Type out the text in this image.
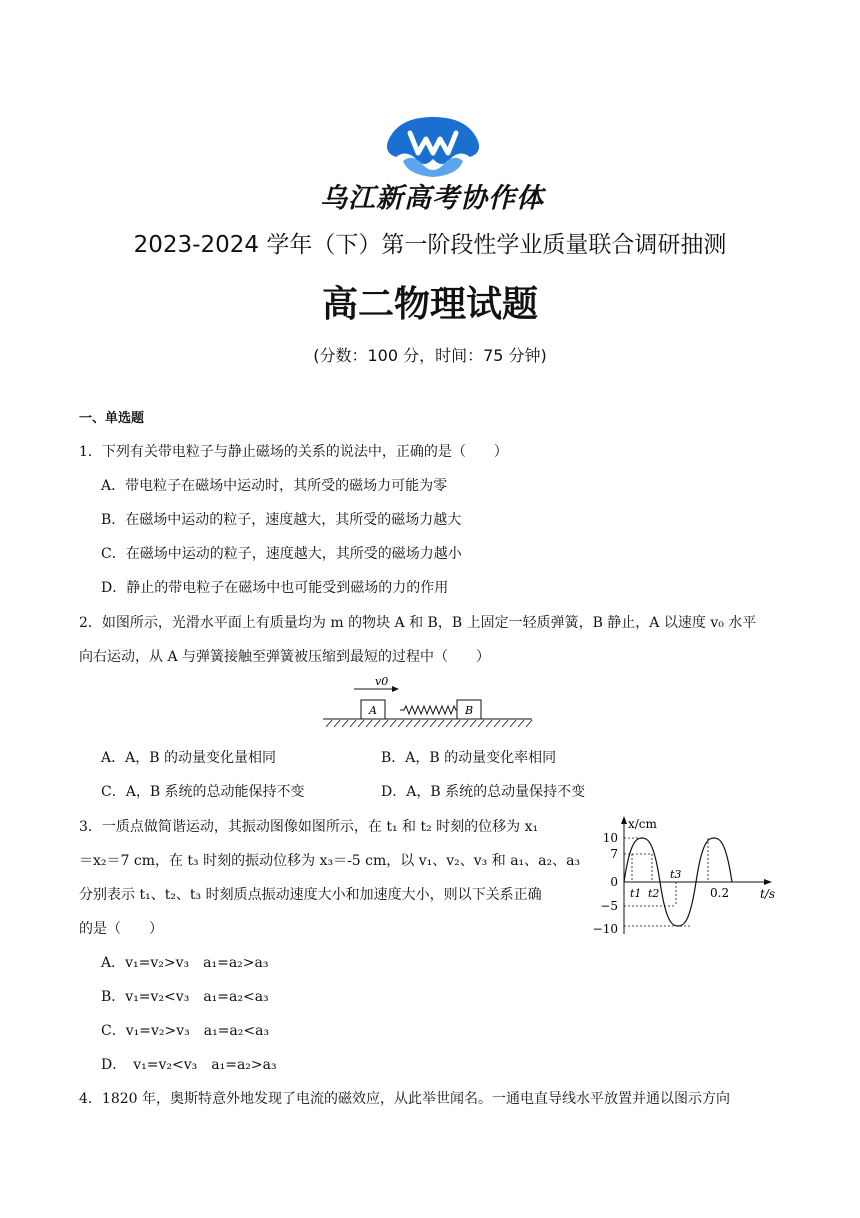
乌江新高考协作体
2023-2024 学年（下）第一阶段性学业质量联合调研抽测
高二物理试题
(分数：100 分，时间：75 分钟)
一、单选题
1．下列有关带电粒子与静止磁场的关系的说法中，正确的是（　　）
A．带电粒子在磁场中运动时，其所受的磁场力可能为零
B．在磁场中运动的粒子，速度越大，其所受的磁场力越大
C．在磁场中运动的粒子，速度越大，其所受的磁场力越小
D．静止的带电粒子在磁场中也可能受到磁场的力的作用
2．如图所示，光滑水平面上有质量均为 m 的物块 A 和 B，B 上固定一轻质弹簧，B 静止，A 以速度 v₀ 水平
向右运动，从 A 与弹簧接触至弹簧被压缩到最短的过程中（　　）
v0
A	B
A．A，B 的动量变化量相同	B．A，B 的动量变化率相同
C．A，B 系统的总动能保持不变	D．A，B 系统的总动量保持不变
3．一质点做简谐运动，其振动图像如图所示，在 t₁ 和 t₂ 时刻的位移为 x₁
＝x₂＝7 cm，在 t₃ 时刻的振动位移为 x₃＝-5 cm，以 v₁、v₂、v₃ 和 a₁、a₂、a₃
分别表示 t₁、t₂、t₃ 时刻质点振动速度大小和加速度大小，则以下关系正确
的是（　　）
x/cm
t/s
10
7
0
−5
−10
t1 t2
t3
0.2
A．v₁=v₂>v₃　a₁=a₂>a₃
B．v₁=v₂<v₃　a₁=a₂<a₃
C．v₁=v₂>v₃　a₁=a₂<a₃
D．　v₁=v₂<v₃　a₁=a₂>a₃
4．1820 年，奥斯特意外地发现了电流的磁效应，从此举世闻名。一通电直导线水平放置并通以图示方向
